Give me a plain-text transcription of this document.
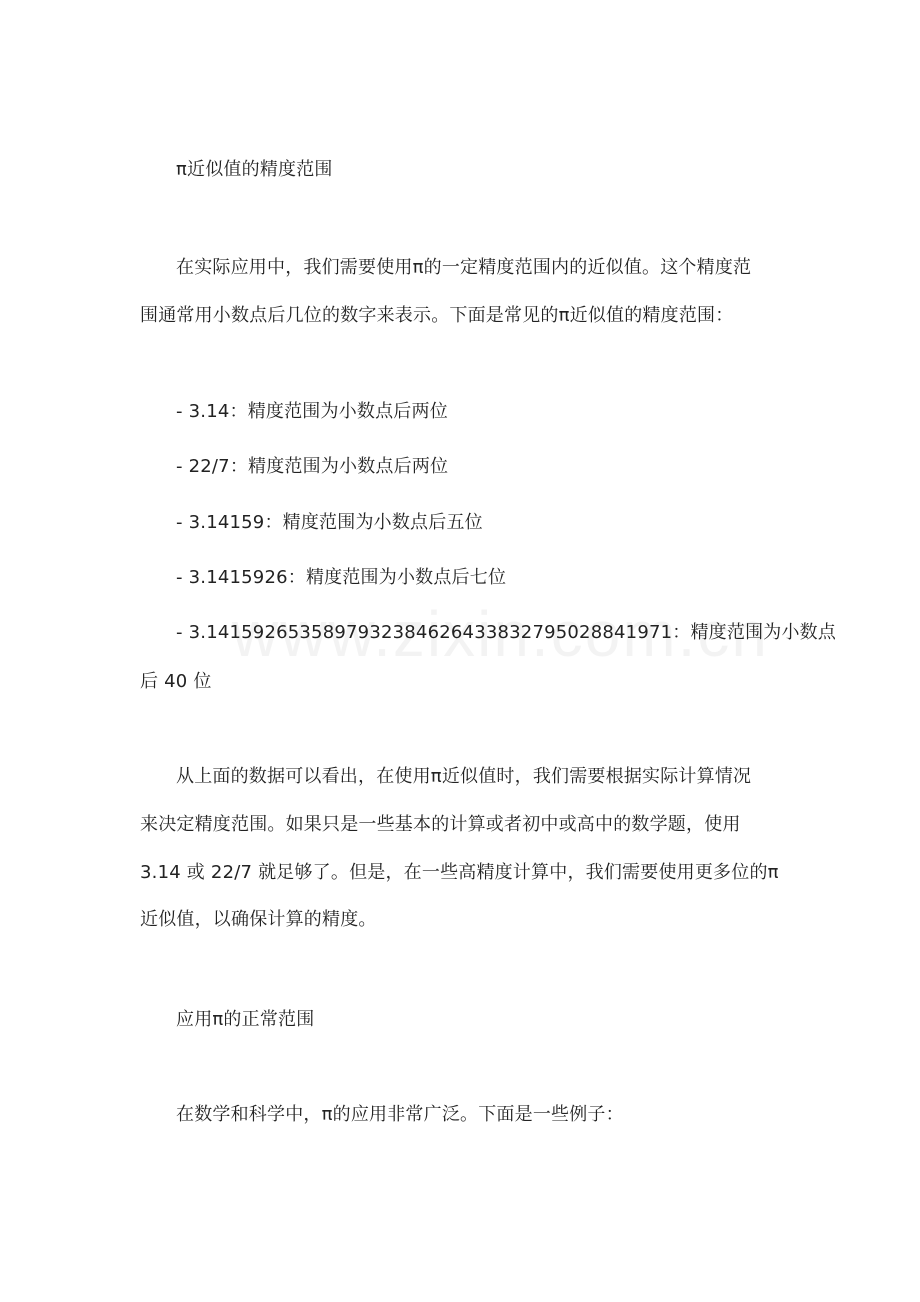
π近似值的精度范围
在实际应用中，我们需要使用π的一定精度范围内的近似值。这个精度范
围通常用小数点后几位的数字来表示。下面是常见的π近似值的精度范围：
- 3.14：精度范围为小数点后两位
- 22/7：精度范围为小数点后两位
- 3.14159：精度范围为小数点后五位
- 3.1415926：精度范围为小数点后七位
- 3.1415926535897932384626433832795028841971：精度范围为小数点
后 40 位
从上面的数据可以看出，在使用π近似值时，我们需要根据实际计算情况
来决定精度范围。如果只是一些基本的计算或者初中或高中的数学题，使用
3.14 或 22/7 就足够了。但是，在一些高精度计算中，我们需要使用更多位的π
近似值，以确保计算的精度。
应用π的正常范围
在数学和科学中，π的应用非常广泛。下面是一些例子：
